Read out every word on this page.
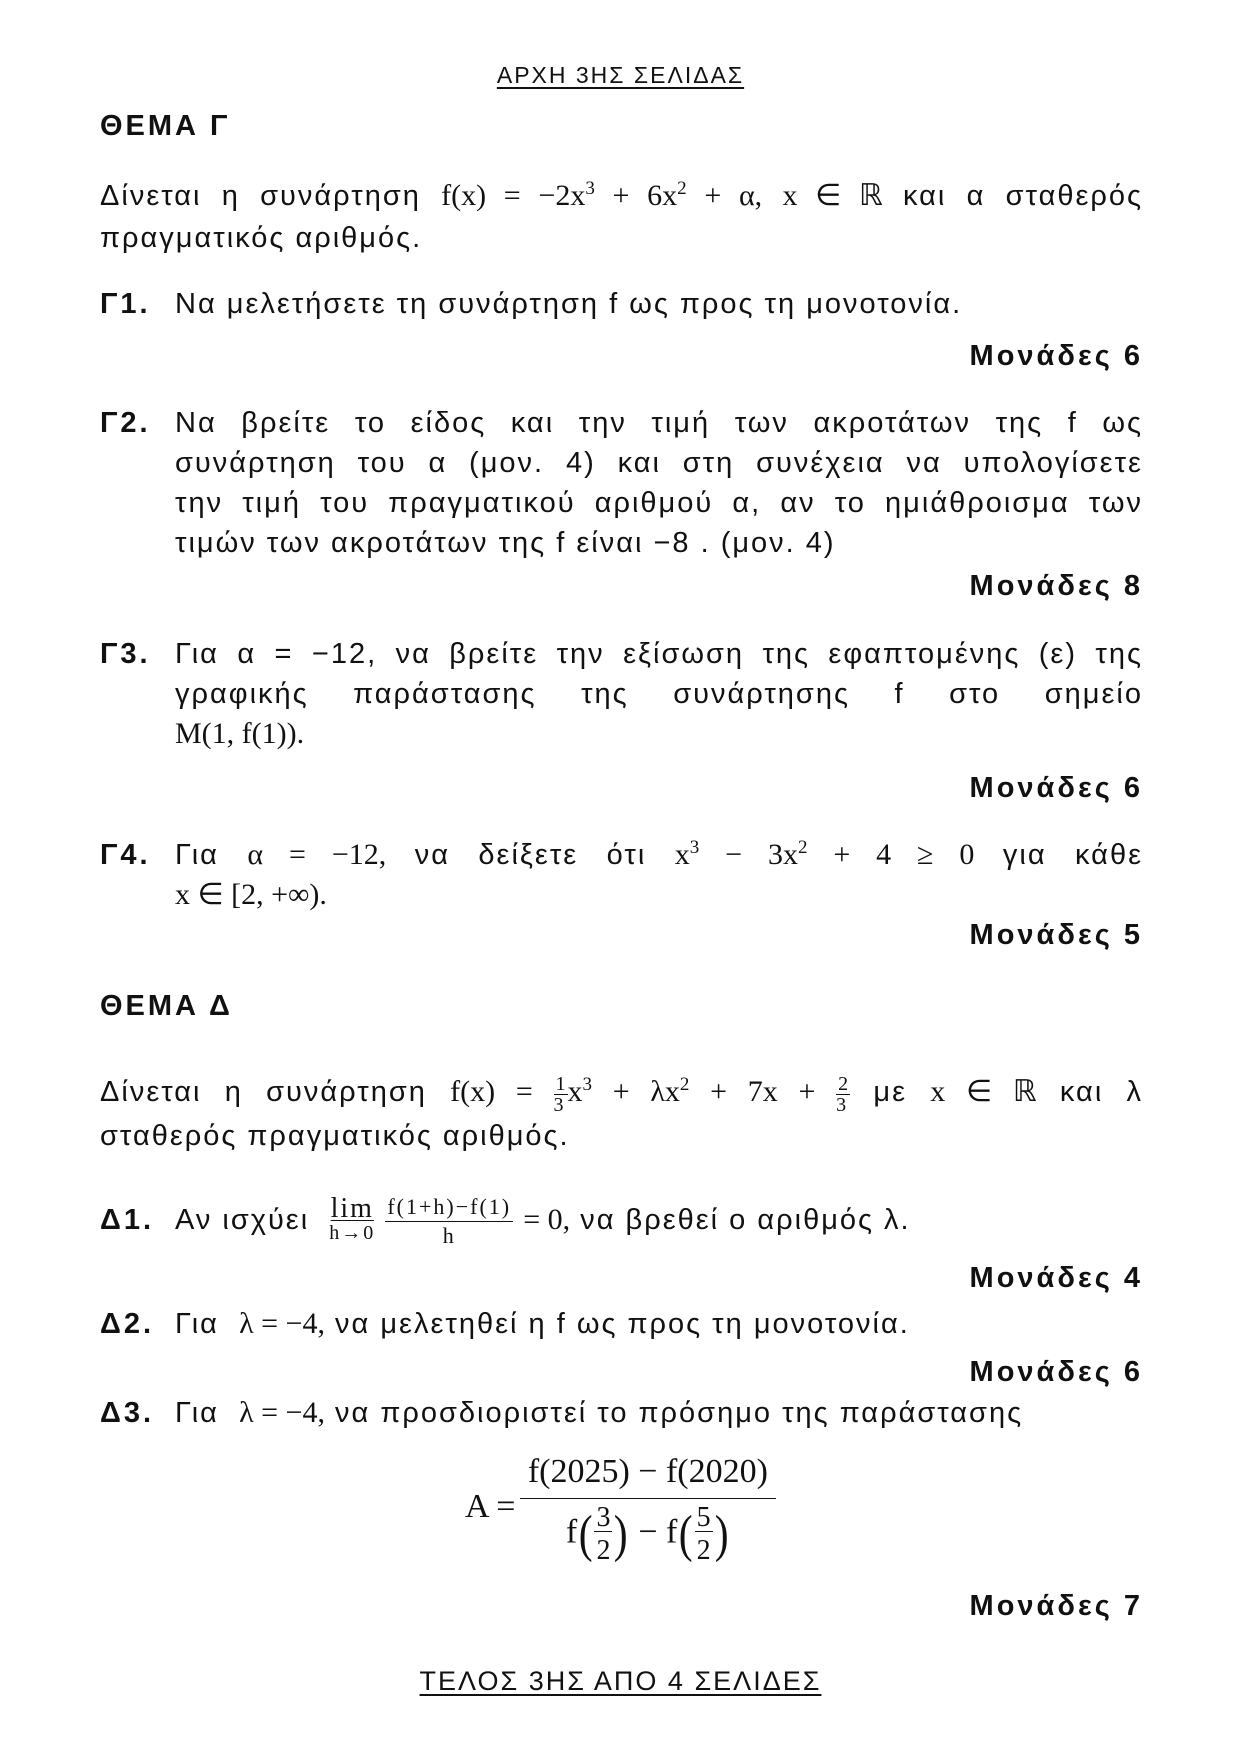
ΑΡΧΗ 3ΗΣ ΣΕΛΙΔΑΣ
ΘΕΜΑ Γ
Δίνεται η συνάρτηση $f(x) = -2x^3 + 6x^2 + \alpha$, x ∈ ℝ και α σταθερός
πραγματικός αριθμός.
Γ1. Να μελετήσετε τη συνάρτηση f ως προς τη μονοτονία.
Μονάδες 6
Γ2. Να βρείτε το είδος και την τιμή των ακροτάτων της f ως
συνάρτηση του α (μον. 4) και στη συνέχεια να υπολογίσετε
την τιμή του πραγματικού αριθμού α, αν το ημιάθροισμα των
τιμών των ακροτάτων της f είναι −8 . (μον. 4)
Μονάδες 8
Γ3. Για α = −12, να βρείτε την εξίσωση της εφαπτομένης (ε) της
γραφικής παράστασης της συνάρτησης f στο σημείο
M(1, f(1)).
Μονάδες 6
Γ4. Για α = −12, να δείξετε ότι $x^3 - 3x^2 + 4 \ge 0$ για κάθε
x ∈ [2, +∞).
Μονάδες 5
ΘΕΜΑ Δ
Δίνεται η συνάρτηση $f(x) = \frac{1}{3} x^3 + \lambda x^2 + 7x + \frac{2}{3}$ με x ∈ ℝ και λ
σταθερός πραγματικός αριθμός.
Δ1. Αν ισχύει lim
h→0
$\frac{f(1+h)-f(1)}{h} = 0$, να βρεθεί ο αριθμός λ.
Μονάδες 4
Δ2. Για λ = −4, να μελετηθεί η f ως προς τη μονοτονία.
Μονάδες 6
Δ3. Για λ = −4, να προσδιοριστεί το πρόσημο της παράστασης
$A = \frac{f(2025) - f(2020)}{f( \frac{3}{2} ) - f( \frac{5}{2} )}$
Μονάδες 7
ΤΕΛΟΣ 3ΗΣ ΑΠΟ 4 ΣΕΛΙΔΕΣ
